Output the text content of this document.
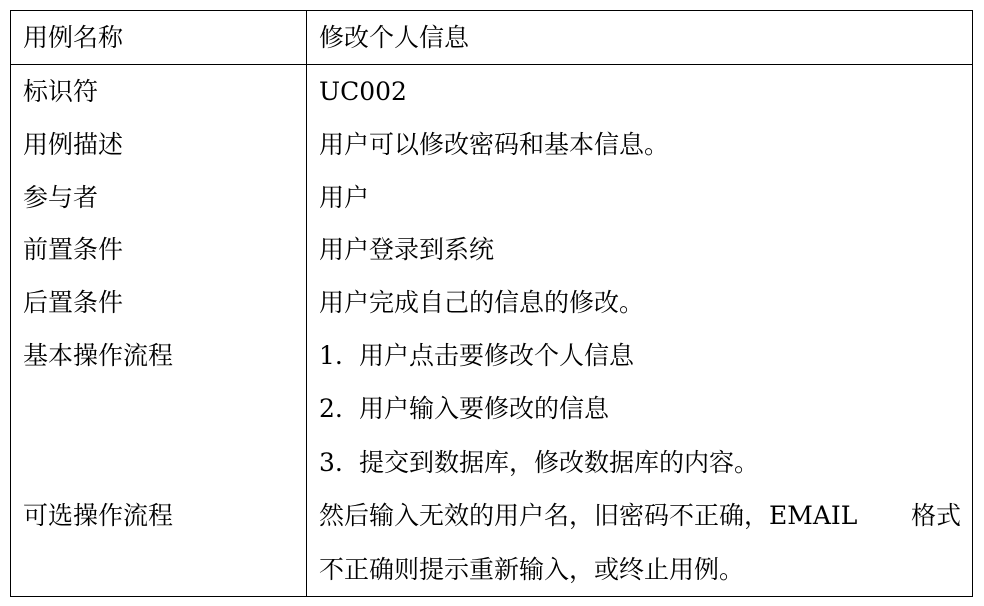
用例名称	修改个人信息
标识符	UC002
用例描述	用户可以修改密码和基本信息。
参与者	用户
前置条件	用户登录到系统
后置条件	用户完成自己的信息的修改。
基本操作流程	1. 用户点击要修改个人信息
2. 用户输入要修改的信息
3. 提交到数据库，修改数据库的内容。
可选操作流程	然后输入无效的用户名，旧密码不正确，EMAIL 格式
不正确则提示重新输入，或终止用例。
